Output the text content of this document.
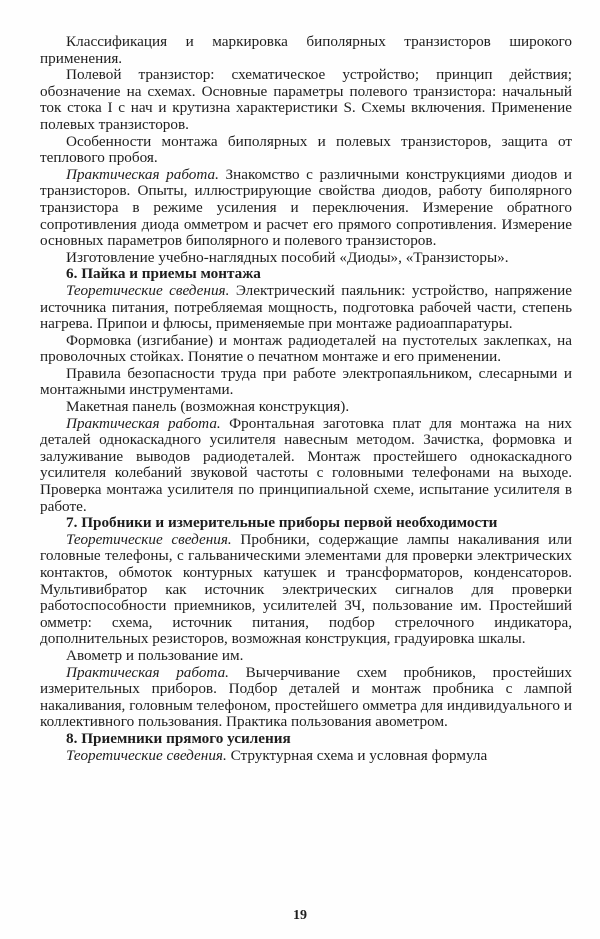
Классификация и маркировка биполярных транзисторов широкого применения.

Полевой транзистор: схематическое устройство; принцип действия; обозначение на схемах. Основные параметры полевого транзистора: начальный ток стока I с нач и крутизна характеристики S. Схемы включения. Применение полевых транзисторов.

Особенности монтажа биполярных и полевых транзисторов, защита от теплового пробоя.

Практическая работа. Знакомство с различными конструкциями диодов и транзисторов. Опыты, иллюстрирующие свойства диодов, работу биполярного транзистора в режиме усиления и переключения. Измерение обратного сопротивления диода омметром и расчет его прямого сопротивления. Измерение основных параметров биполярного и полевого транзисторов.

Изготовление учебно-наглядных пособий «Диоды», «Транзисторы».

6. Пайка и приемы монтажа

Теоретические сведения. Электрический паяльник: устройство, напряжение источника питания, потребляемая мощность, подготовка рабочей части, степень нагрева. Припои и флюсы, применяемые при монтаже радиоаппаратуры.

Формовка (изгибание) и монтаж радиодеталей на пустотелых заклепках, на проволочных стойках. Понятие о печатном монтаже и его применении.

Правила безопасности труда при работе электропаяльником, слесарными и монтажными инструментами.

Макетная панель (возможная конструкция).

Практическая работа. Фронтальная заготовка плат для монтажа на них деталей однокаскадного усилителя навесным методом. Зачистка, формовка и залуживание выводов радиодеталей. Монтаж простейшего однокаскадного усилителя колебаний звуковой частоты с головными телефонами на выходе. Проверка монтажа усилителя по принципиальной схеме, испытание усилителя в работе.

7. Пробники и измерительные приборы первой необходимости

Теоретические сведения. Пробники, содержащие лампы накаливания или головные телефоны, с гальваническими элементами для проверки электрических контактов, обмоток контурных катушек и трансформаторов, конденсаторов. Мультивибратор как источник электрических сигналов для проверки работоспособности приемников, усилителей ЗЧ, пользование им. Простейший омметр: схема, источник питания, подбор стрелочного индикатора, дополнительных резисторов, возможная конструкция, градуировка шкалы.

Авометр и пользование им.

Практическая работа. Вычерчивание схем пробников, простейших измерительных приборов. Подбор деталей и монтаж пробника с лампой накаливания, головным телефоном, простейшего омметра для индивидуального и коллективного пользования. Практика пользования авометром.

8. Приемники прямого усиления

Теоретические сведения. Структурная схема и условная формула

19
